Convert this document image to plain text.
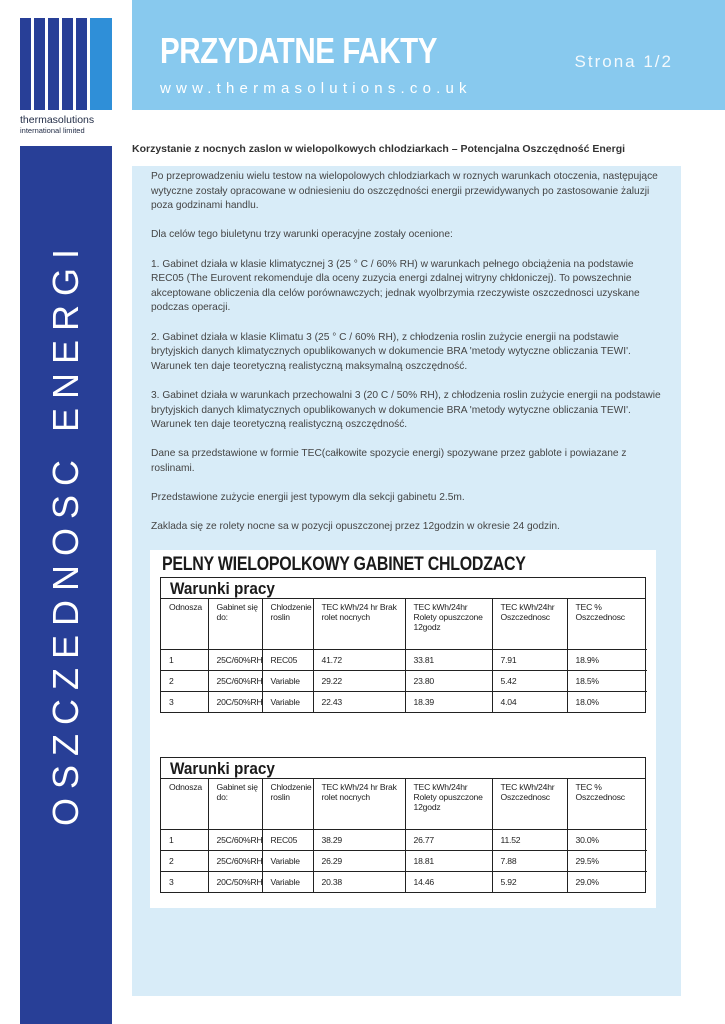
thermasolutions
international limited
PRZYDATNE FAKTY	Strona 1/2
www.thermasolutions.co.uk
OSZCZEDNOSC ENERGI
Korzystanie z nocnych zaslon w wielopolkowych chlodziarkach – Potencjalna Oszczędność Energi

Po przeprowadzeniu wielu testow na wielopolowych chlodziarkach w roznych warunkach otoczenia, następujące wytyczne zostały opracowane w odniesieniu do oszczędności energii przewidywanych po zastosowanie żaluzji poza godzinami handlu.

Dla celów tego biuletynu trzy warunki operacyjne zostały ocenione:

1. Gabinet działa w klasie klimatycznej 3 (25 ° C / 60% RH) w warunkach pełnego obciążenia na podstawie REC05 (The Eurovent rekomenduje dla oceny zuzycia energi zdalnej witryny chłdoniczej). To powszechnie akceptowane obliczenia dla celów porównawczych; jednak wyolbrzymia rzeczywiste oszczednosci uzyskane podczas operacji.

2. Gabinet działa w klasie Klimatu 3 (25 ° C / 60% RH), z chłodzenia roslin zużycie energii na podstawie brytyjskich danych klimatycznych opublikowanych w dokumencie BRA 'metody wytyczne obliczania TEWI'. Warunek ten daje teoretyczną realistyczną maksymalną oszczędność.

3. Gabinet działa w warunkach przechowalni 3 (20 C / 50% RH), z chłodzenia roslin zużycie energii na podstawie brytyjskich danych klimatycznych opublikowanych w dokumencie BRA 'metody wytyczne obliczania TEWI'. Warunek ten daje teoretyczną realistyczną oszczędność.

Dane sa przedstawione w formie TEC(całkowite spozycie energi) spozywane przez gablote i powiazane z roslinami.

Przedstawione zużycie energii jest typowym dla sekcji gabinetu 2.5m.

Zaklada się ze rolety nocne sa w pozycji opuszczonej przez 12godzin w okresie 24 godzin.

PELNY WIELOPOLKOWY GABINET CHLODZACY
Warunki pracy
Odnosza	Gabinet się do:	Chlodzenie roslin	TEC kWh/24 hr Brak rolet nocnych	TEC kWh/24hr Rolety opuszczone 12godz	TEC kWh/24hr Oszczednosc	TEC % Oszczednosc
1	25C/60%RH	REC05	41.72	33.81	7.91	18.9%
2	25C/60%RH	Variable	29.22	23.80	5.42	18.5%
3	20C/50%RH	Variable	22.43	18.39	4.04	18.0%
Warunki pracy
Odnosza	Gabinet się do:	Chlodzenie roslin	TEC kWh/24 hr Brak rolet nocnych	TEC kWh/24hr Rolety opuszczone 12godz	TEC kWh/24hr Oszczednosc	TEC % Oszczednosc
1	25C/60%RH	REC05	38.29	26.77	11.52	30.0%
2	25C/60%RH	Variable	26.29	18.81	7.88	29.5%
3	20C/50%RH	Variable	20.38	14.46	5.92	29.0%
